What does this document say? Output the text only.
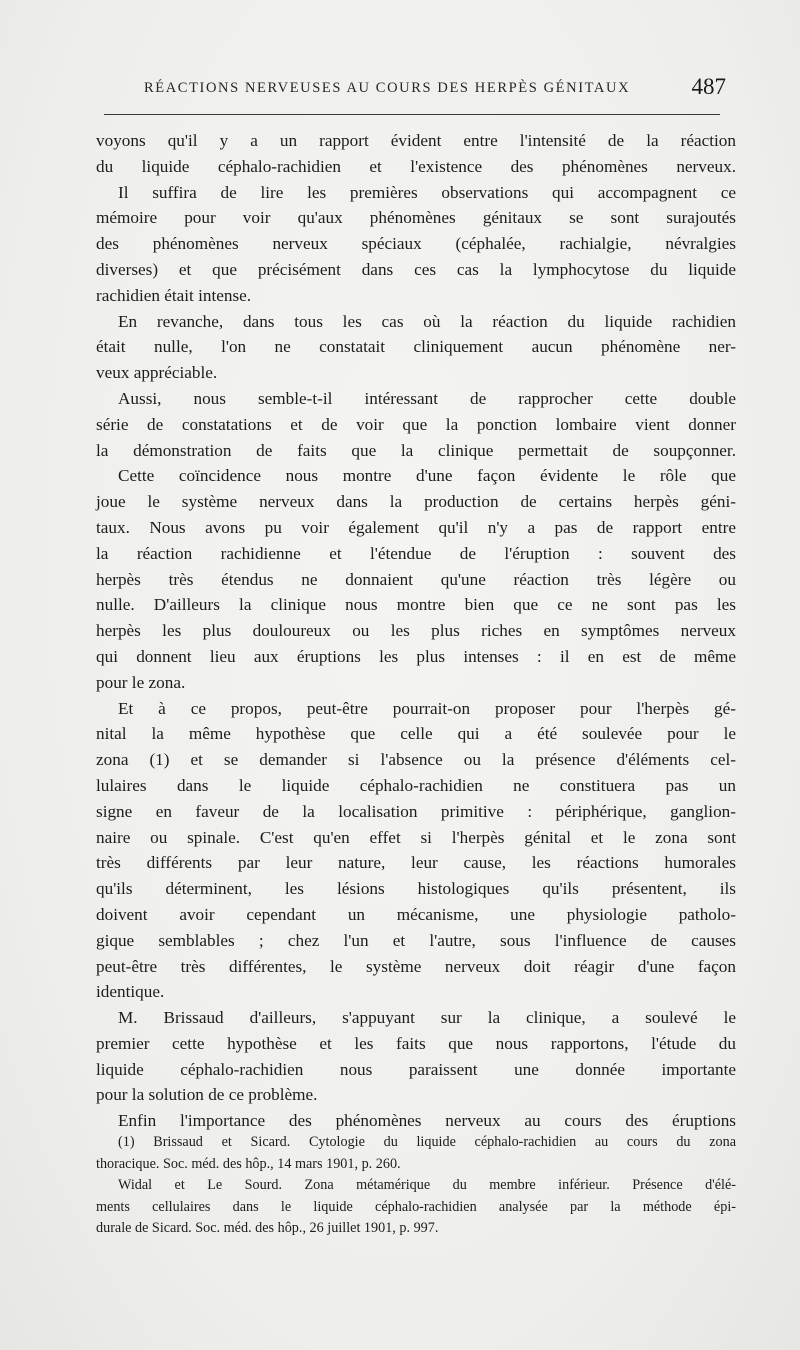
RÉACTIONS NERVEUSES AU COURS DES HERPÈS GÉNITAUX	487
voyons qu'il y a un rapport évident entre l'intensité de la réaction
du liquide céphalo-rachidien et l'existence des phénomènes nerveux.
Il suffira de lire les premières observations qui accompagnent ce
mémoire pour voir qu'aux phénomènes génitaux se sont surajoutés
des phénomènes nerveux spéciaux (céphalée, rachialgie, névralgies
diverses) et que précisément dans ces cas la lymphocytose du liquide
rachidien était intense.
En revanche, dans tous les cas où la réaction du liquide rachidien
était nulle, l'on ne constatait cliniquement aucun phénomène ner-
veux appréciable.
Aussi, nous semble-t-il intéressant de rapprocher cette double
série de constatations et de voir que la ponction lombaire vient donner
la démonstration de faits que la clinique permettait de soupçonner.
Cette coïncidence nous montre d'une façon évidente le rôle que
joue le système nerveux dans la production de certains herpès géni-
taux. Nous avons pu voir également qu'il n'y a pas de rapport entre
la réaction rachidienne et l'étendue de l'éruption : souvent des
herpès très étendus ne donnaient qu'une réaction très légère ou
nulle. D'ailleurs la clinique nous montre bien que ce ne sont pas les
herpès les plus douloureux ou les plus riches en symptômes nerveux
qui donnent lieu aux éruptions les plus intenses : il en est de même
pour le zona.
Et à ce propos, peut-être pourrait-on proposer pour l'herpès gé-
nital la même hypothèse que celle qui a été soulevée pour le
zona (1) et se demander si l'absence ou la présence d'éléments cel-
lulaires dans le liquide céphalo-rachidien ne constituera pas un
signe en faveur de la localisation primitive : périphérique, ganglion-
naire ou spinale. C'est qu'en effet si l'herpès génital et le zona sont
très différents par leur nature, leur cause, les réactions humorales
qu'ils déterminent, les lésions histologiques qu'ils présentent, ils
doivent avoir cependant un mécanisme, une physiologie patholo-
gique semblables ; chez l'un et l'autre, sous l'influence de causes
peut-être très différentes, le système nerveux doit réagir d'une façon
identique.
M. Brissaud d'ailleurs, s'appuyant sur la clinique, a soulevé le
premier cette hypothèse et les faits que nous rapportons, l'étude du
liquide céphalo-rachidien nous paraissent une donnée importante
pour la solution de ce problème.
Enfin l'importance des phénomènes nerveux au cours des éruptions
(1) Brissaud et Sicard. Cytologie du liquide céphalo-rachidien au cours du zona
thoracique. Soc. méd. des hôp., 14 mars 1901, p. 260.
Widal et Le Sourd. Zona métamérique du membre inférieur. Présence d'élé-
ments cellulaires dans le liquide céphalo-rachidien analysée par la méthode épi-
durale de Sicard. Soc. méd. des hôp., 26 juillet 1901, p. 997.
